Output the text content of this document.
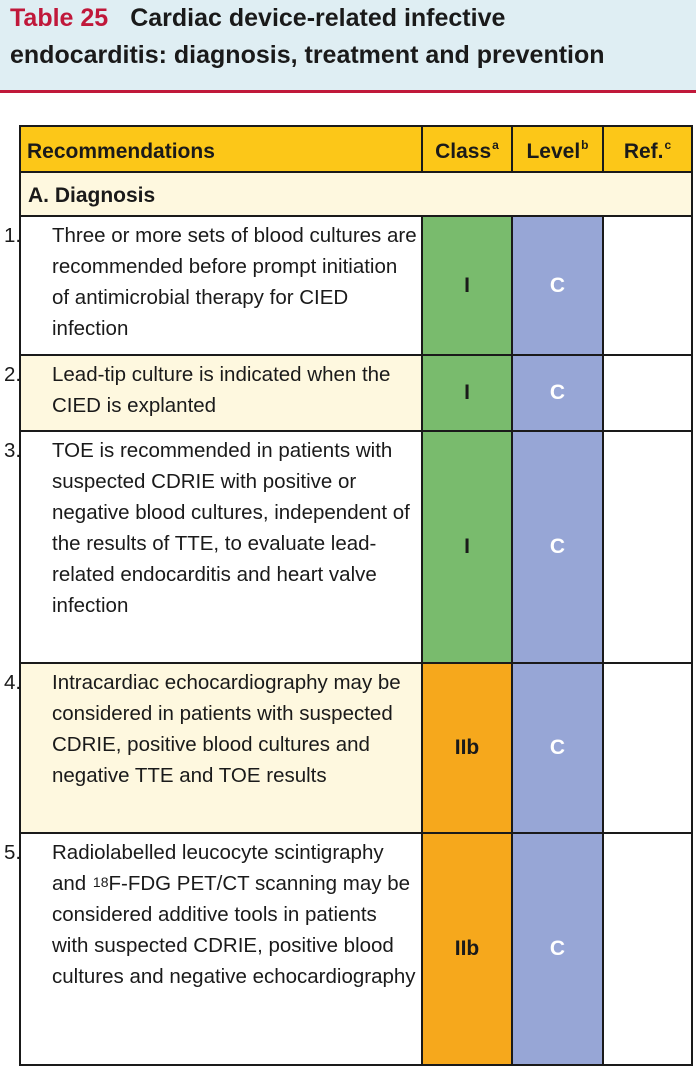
Table 25 Cardiac device-related infective
endocarditis: diagnosis, treatment and prevention
Recommendations	Class$^a$	Level$^b$	Ref.$^c$
A. Diagnosis			

1. Three or more sets of blood cultures are recommended before prompt initiation of antimicrobial therapy for CIED infection	I	C	

2. Lead-tip culture is indicated when the CIED is explanted	I	C	

3. TOE is recommended in patients with suspected CDRIE with positive or negative blood cultures, independent of the results of TTE, to evaluate lead-related endocarditis and heart valve infection	I	C	

4. Intracardiac echocardiography may be considered in patients with suspected CDRIE, positive blood cultures and negative TTE and TOE results	IIb	C	

5. Radiolabelled leucocyte scintigraphy and $^{18}$F-FDG PET/CT scanning may be considered additive tools in patients with suspected CDRIE, positive blood cultures and negative echocardiography	IIb	C	
